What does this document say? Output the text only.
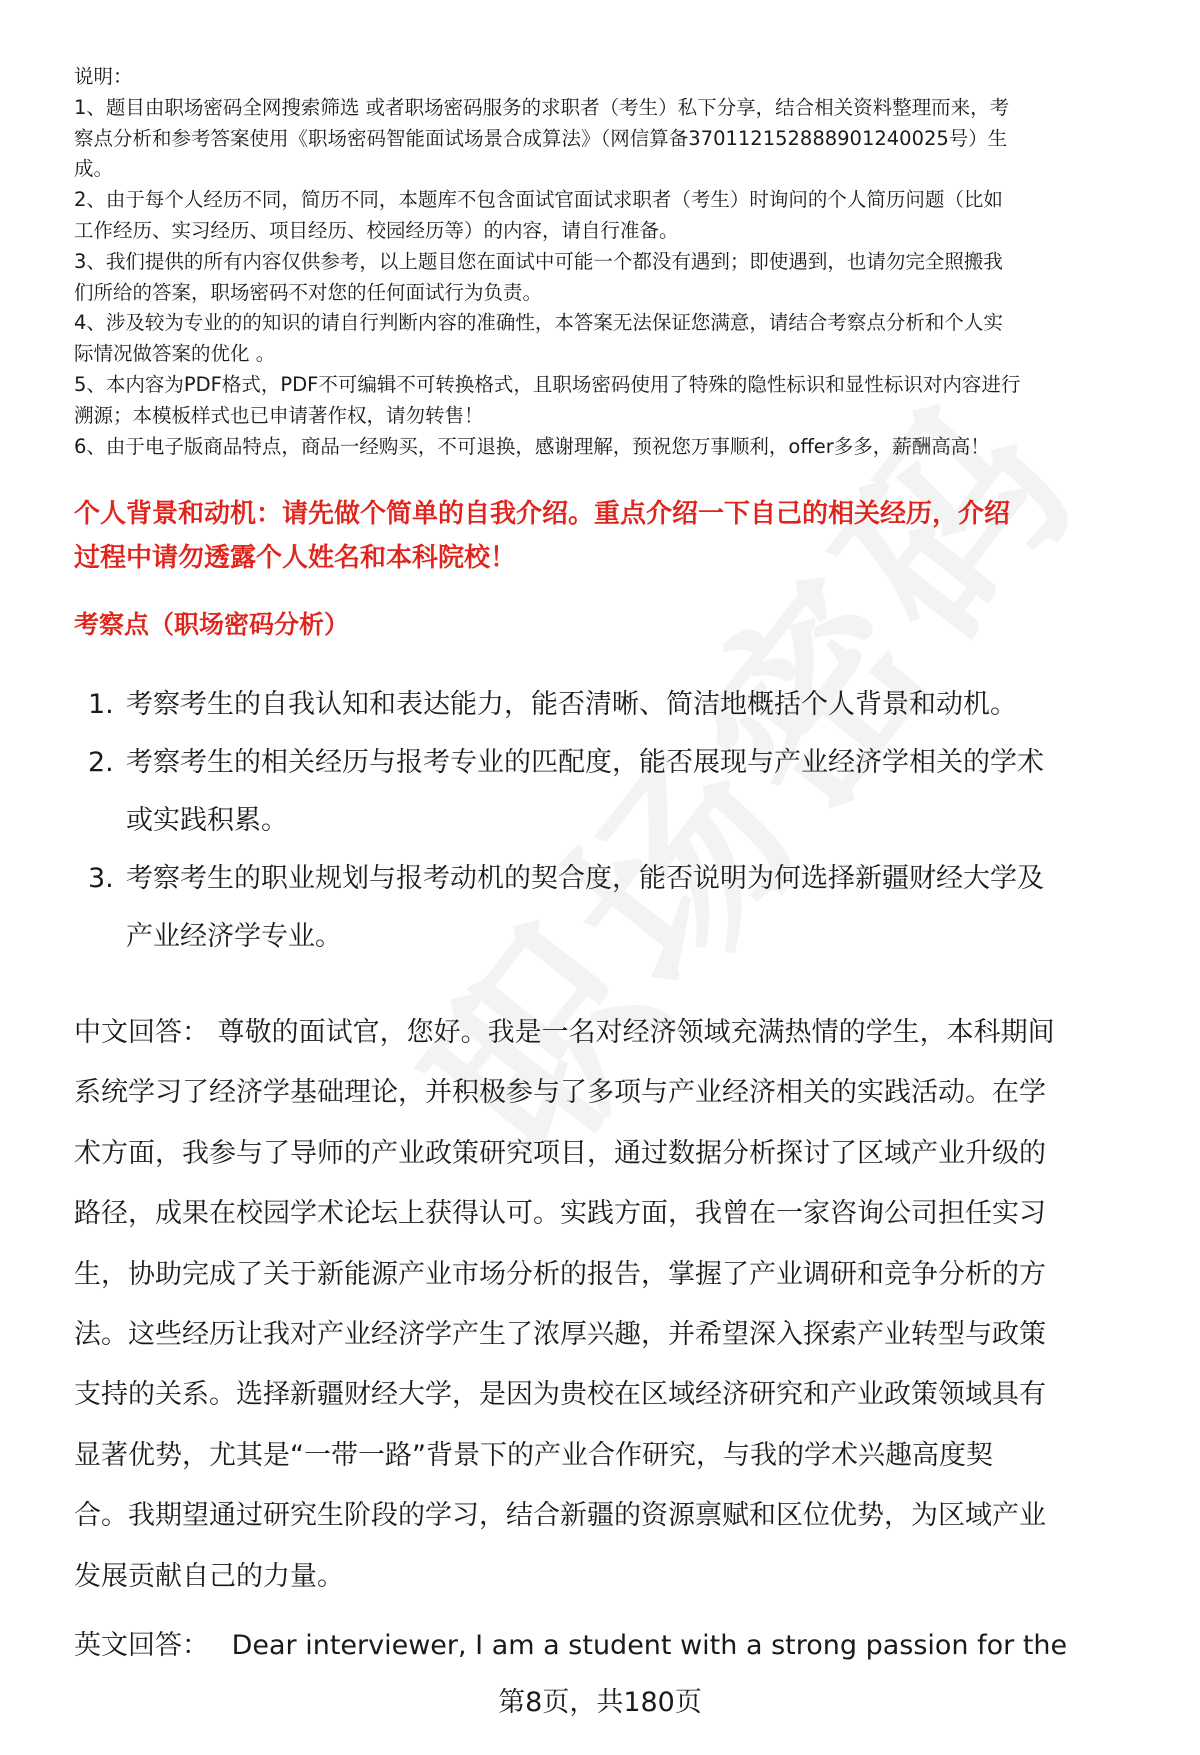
说明：
1、题目由职场密码全网搜索筛选 或者职场密码服务的求职者（考生）私下分享，结合相关资料整理而来，考
察点分析和参考答案使用《职场密码智能面试场景合成算法》（网信算备370112152888901240025号）生
成。
2、由于每个人经历不同，简历不同，本题库不包含面试官面试求职者（考生）时询问的个人简历问题（比如
工作经历、实习经历、项目经历、校园经历等）的内容，请自行准备。
3、我们提供的所有内容仅供参考，以上题目您在面试中可能一个都没有遇到；即使遇到，也请勿完全照搬我
们所给的答案，职场密码不对您的任何面试行为负责。
4、涉及较为专业的的知识的请自行判断内容的准确性，本答案无法保证您满意，请结合考察点分析和个人实
际情况做答案的优化 。
5、本内容为PDF格式，PDF不可编辑不可转换格式，且职场密码使用了特殊的隐性标识和显性标识对内容进行
溯源；本模板样式也已申请著作权，请勿转售！
6、由于电子版商品特点，商品一经购买，不可退换，感谢理解，预祝您万事顺利，offer多多，薪酬高高！
个人背景和动机：请先做个简单的自我介绍。重点介绍一下自己的相关经历，介绍
过程中请勿透露个人姓名和本科院校！
考察点（职场密码分析）
1. 考察考生的自我认知和表达能力，能否清晰、简洁地概括个人背景和动机。
2. 考察考生的相关经历与报考专业的匹配度，能否展现与产业经济学相关的学术
或实践积累。
3. 考察考生的职业规划与报考动机的契合度，能否说明为何选择新疆财经大学及
产业经济学专业。
中文回答： 尊敬的面试官，您好。我是一名对经济领域充满热情的学生，本科期间
系统学习了经济学基础理论，并积极参与了多项与产业经济相关的实践活动。在学
术方面，我参与了导师的产业政策研究项目，通过数据分析探讨了区域产业升级的
路径，成果在校园学术论坛上获得认可。实践方面，我曾在一家咨询公司担任实习
生，协助完成了关于新能源产业市场分析的报告，掌握了产业调研和竞争分析的方
法。这些经历让我对产业经济学产生了浓厚兴趣，并希望深入探索产业转型与政策
支持的关系。选择新疆财经大学，是因为贵校在区域经济研究和产业政策领域具有
显著优势，尤其是“一带一路”背景下的产业合作研究，与我的学术兴趣高度契
合。我期望通过研究生阶段的学习，结合新疆的资源禀赋和区位优势，为区域产业
发展贡献自己的力量。
英文回答： Dear interviewer, I am a student with a strong passion for the
第8页，共180页
